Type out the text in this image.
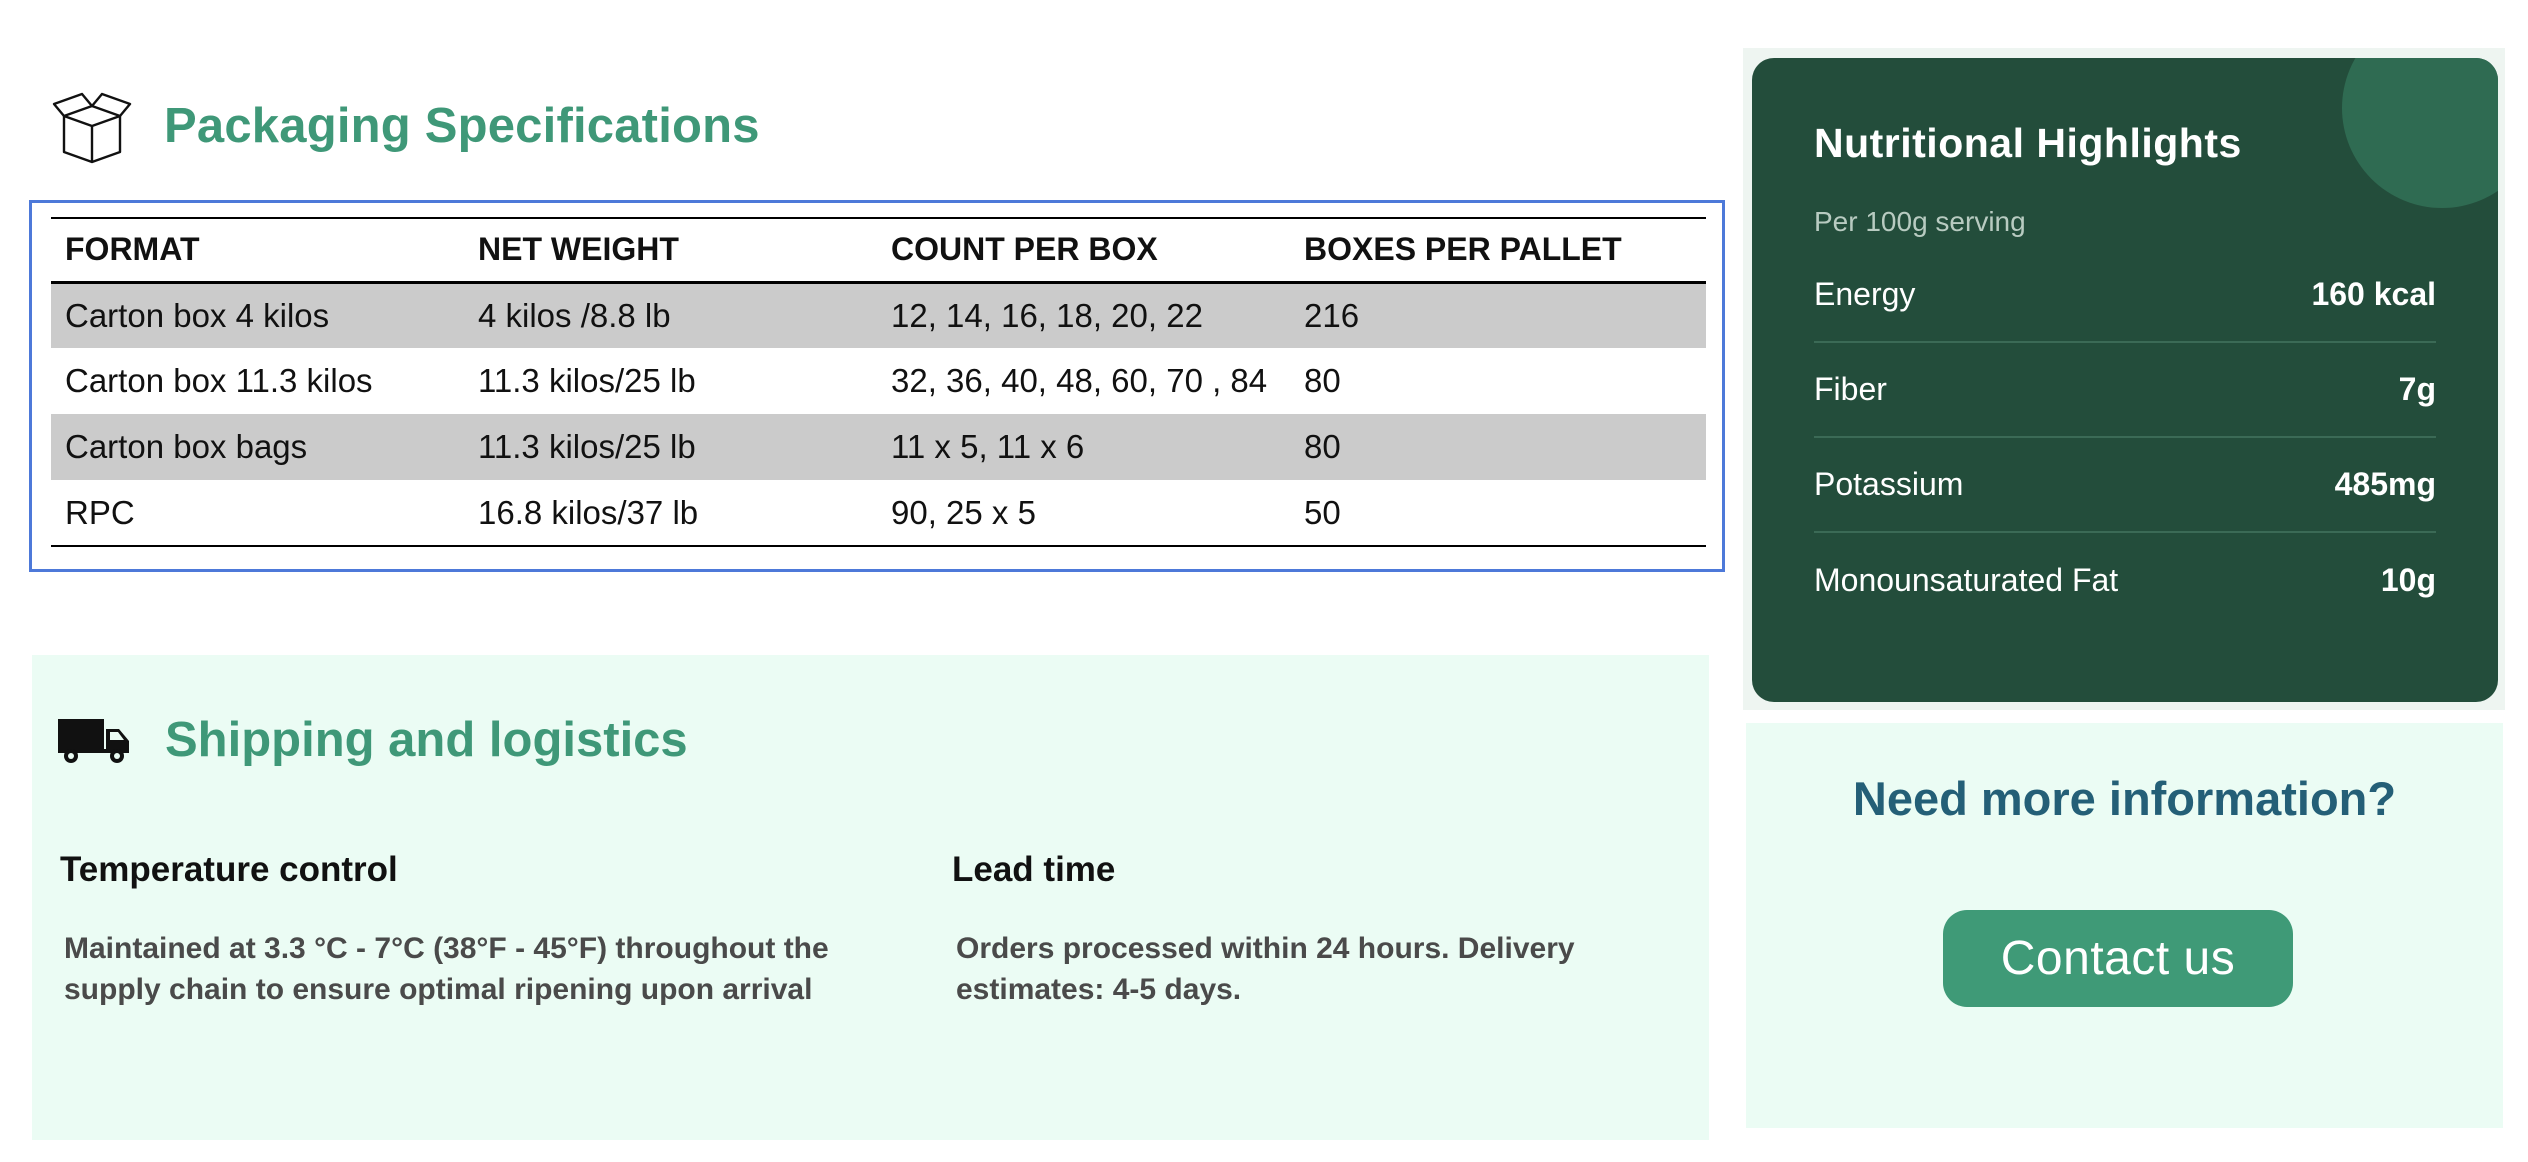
Packaging Specifications
FORMAT	NET WEIGHT	COUNT PER BOX	BOXES PER PALLET
Carton box 4 kilos	4 kilos /8.8 lb	12, 14, 16, 18, 20, 22	216
Carton box 11.3 kilos	11.3 kilos/25 lb	32, 36, 40, 48, 60, 70 , 84	80
Carton box bags	11.3 kilos/25 lb	11 x 5, 11 x 6	80
RPC	16.8 kilos/37 lb	90, 25 x 5	50
Shipping and logistics
Temperature control

Maintained at 3.3 °C - 7°C (38°F - 45°F) throughout the supply chain to ensure optimal ripening upon arrival

Lead time

Orders processed within 24 hours. Delivery estimates: 4-5 days.

Nutritional Highlights
Per 100g serving
Energy	160 kcal
Fiber	7g
Potassium	485mg
Monounsaturated Fat	10g
Need more information?
Contact us
